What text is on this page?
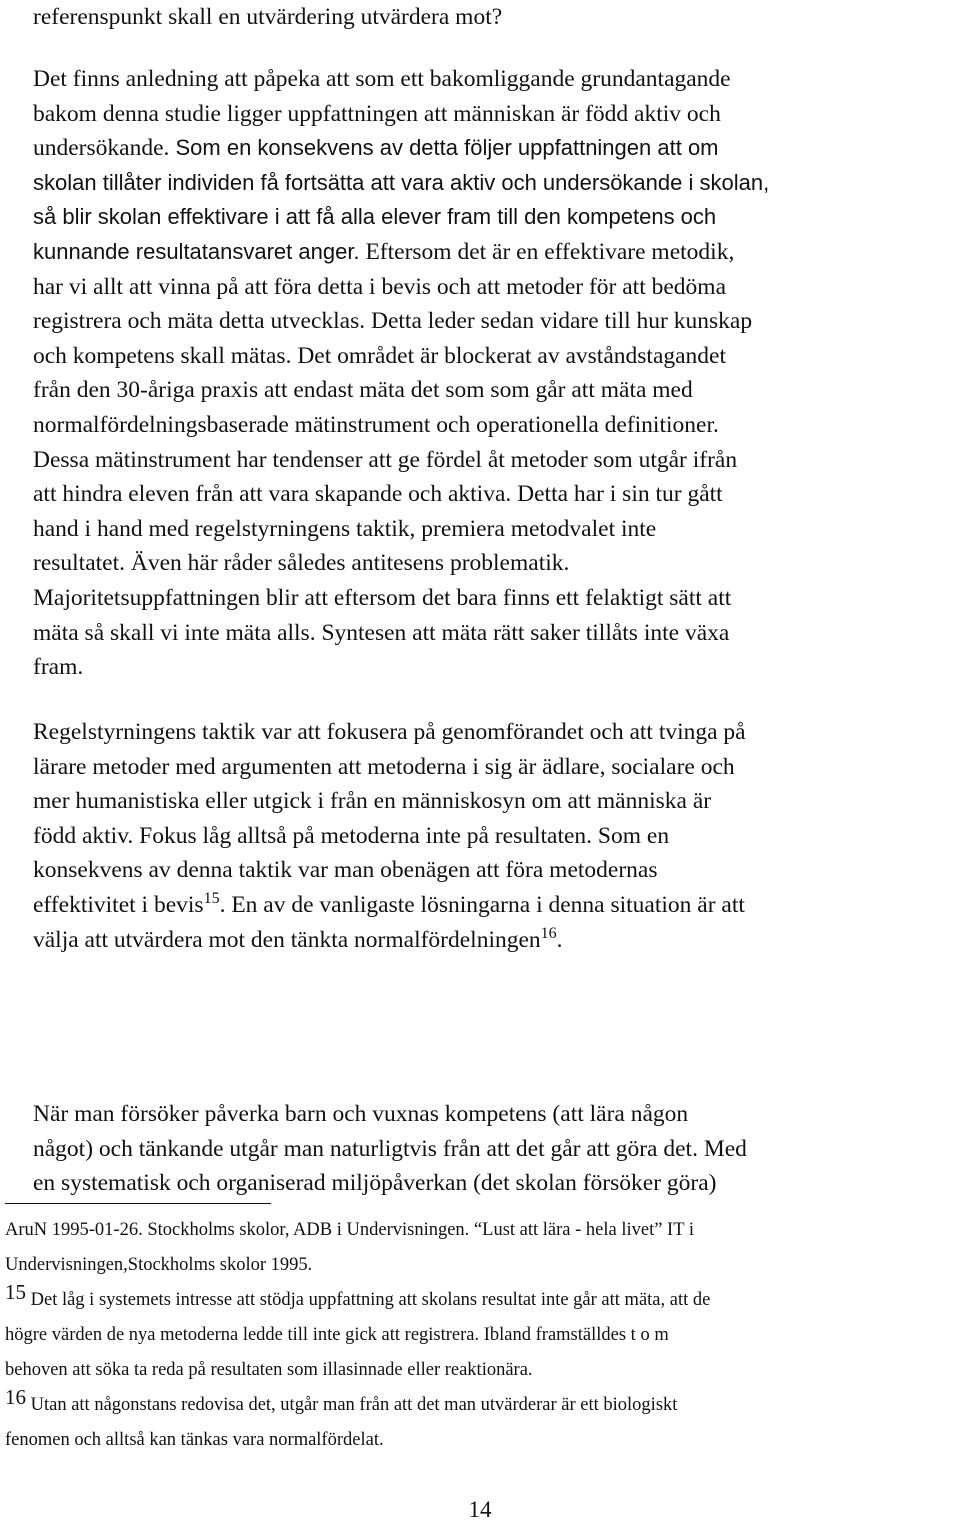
referenspunkt skall en utvärdering utvärdera mot?
Det finns anledning att påpeka att som ett bakomliggande grundantagande
bakom denna studie ligger uppfattningen att människan är född aktiv och
undersökande. Som en konsekvens av detta följer uppfattningen att om
skolan tillåter individen få fortsätta att vara aktiv och undersökande i skolan,
så blir skolan effektivare i att få alla elever fram till den kompetens och
kunnande resultatansvaret anger. Eftersom det är en effektivare metodik,
har vi allt att vinna på att föra detta i bevis och att metoder för att bedöma
registrera och mäta detta utvecklas. Detta leder sedan vidare till hur kunskap
och kompetens skall mätas. Det området är blockerat av avståndstagandet
från den 30-åriga praxis att endast mäta det som som går att mäta med
normalfördelningsbaserade mätinstrument och operationella definitioner.
Dessa mätinstrument har tendenser att ge fördel åt metoder som utgår ifrån
att hindra eleven från att vara skapande och aktiva. Detta har i sin tur gått
hand i hand med regelstyrningens taktik, premiera metodvalet inte
resultatet. Även här råder således antitesens problematik.
Majoritetsuppfattningen blir att eftersom det bara finns ett felaktigt sätt att
mäta så skall vi inte mäta alls. Syntesen att mäta rätt saker tillåts inte växa
fram.
Regelstyrningens taktik var att fokusera på genomförandet och att tvinga på
lärare metoder med argumenten att metoderna i sig är ädlare, socialare och
mer humanistiska eller utgick i från en människosyn om att människa är
född aktiv. Fokus låg alltså på metoderna inte på resultaten. Som en
konsekvens av denna taktik var man obenägen att föra metodernas
effektivitet i bevis$^{15}$. En av de vanligaste lösningarna i denna situation är att
välja att utvärdera mot den tänkta normalfördelningen$^{16}$.
När man försöker påverka barn och vuxnas kompetens (att lära någon
något) och tänkande utgår man naturligtvis från att det går att göra det. Med
en systematisk och organiserad miljöpåverkan (det skolan försöker göra)
AruN 1995-01-26. Stockholms skolor, ADB i Undervisningen. “Lust att lära - hela livet” IT i
Undervisningen,Stockholms skolor 1995.
15 Det låg i systemets intresse att stödja uppfattning att skolans resultat inte går att mäta, att de
högre värden de nya metoderna ledde till inte gick att registrera. Ibland framställdes t o m
behoven att söka ta reda på resultaten som illasinnade eller reaktionära.
16 Utan att någonstans redovisa det, utgår man från att det man utvärderar är ett biologiskt
fenomen och alltså kan tänkas vara normalfördelat.
14
